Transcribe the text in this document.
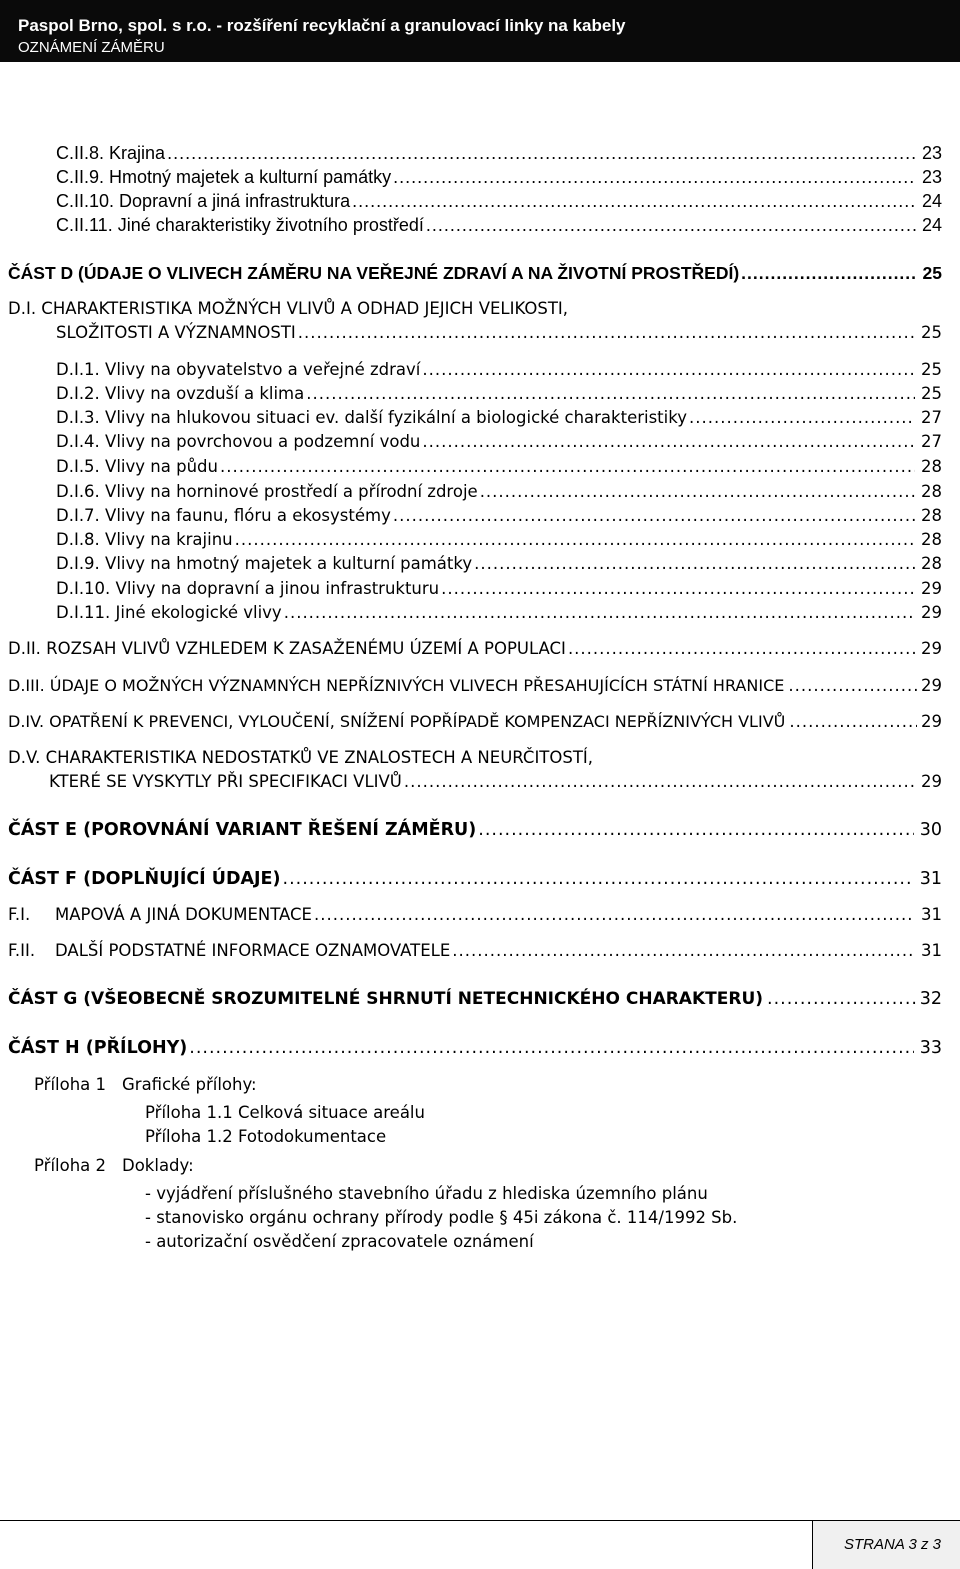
Paspol Brno, spol. s r.o. - rozšíření recyklační a granulovací linky na kabely
OZNÁMENÍ ZÁMĚRU
C.II.8. Krajina .....	23
C.II.9. Hmotný majetek a kulturní památky .....	23
C.II.10. Dopravní a jiná infrastruktura .....	24
C.II.11. Jiné charakteristiky životního prostředí .....	24
ČÁST D (ÚDAJE O VLIVECH ZÁMĚRU NA VEŘEJNÉ ZDRAVÍ A NA ŽIVOTNÍ PROSTŘEDÍ) .....	25
D.I. CHARAKTERISTIKA MOŽNÝCH VLIVŮ A ODHAD JEJICH VELIKOSTI,
SLOŽITOSTI A VÝZNAMNOSTI .....	25
D.I.1. Vlivy na obyvatelstvo a veřejné zdraví .....	25
D.I.2. Vlivy na ovzduší a klima .....	25
D.I.3. Vlivy na hlukovou situaci ev. další fyzikální a biologické charakteristiky .....	27
D.I.4. Vlivy na povrchovou a podzemní vodu .....	27
D.I.5. Vlivy na půdu .....	28
D.I.6. Vlivy na horninové prostředí a přírodní zdroje .....	28
D.I.7. Vlivy na faunu, flóru a ekosystémy .....	28
D.I.8. Vlivy na krajinu .....	28
D.I.9. Vlivy na hmotný majetek a kulturní památky .....	28
D.I.10. Vlivy na dopravní a jinou infrastrukturu .....	29
D.I.11. Jiné ekologické vlivy .....	29
D.II. ROZSAH VLIVŮ VZHLEDEM K ZASAŽENÉMU ÚZEMÍ A POPULACI .....	29
D.III. ÚDAJE O MOŽNÝCH VÝZNAMNÝCH NEPŘÍZNIVÝCH VLIVECH PŘESAHUJÍCÍCH STÁTNÍ HRANICE .....	29
D.IV. OPATŘENÍ K PREVENCI, VYLOUČENÍ, SNÍŽENÍ POPŘÍPADĚ KOMPENZACI NEPŘÍZNIVÝCH VLIVŮ .....	29
D.V. CHARAKTERISTIKA NEDOSTATKŮ VE ZNALOSTECH A NEURČITOSTÍ,
KTERÉ SE VYSKYTLY PŘI SPECIFIKACI VLIVŮ .....	29
ČÁST E (POROVNÁNÍ VARIANT ŘEŠENÍ ZÁMĚRU) .....	30
ČÁST F (DOPLŇUJÍCÍ ÚDAJE) .....	31
F.I. MAPOVÁ A JINÁ DOKUMENTACE .....	31
F.II. DALŠÍ PODSTATNÉ INFORMACE OZNAMOVATELE .....	31
ČÁST G (VŠEOBECNĚ SROZUMITELNÉ SHRNUTÍ NETECHNICKÉHO CHARAKTERU) .....	32
ČÁST H (PŘÍLOHY) .....	33
Příloha 1 Grafické přílohy:
Příloha 1.1 Celková situace areálu
Příloha 1.2 Fotodokumentace
Příloha 2 Doklady:
- vyjádření příslušného stavebního úřadu z hlediska územního plánu
- stanovisko orgánu ochrany přírody podle § 45i zákona č. 114/1992 Sb.
- autorizační osvědčení zpracovatele oznámení
STRANA 3 z 3
